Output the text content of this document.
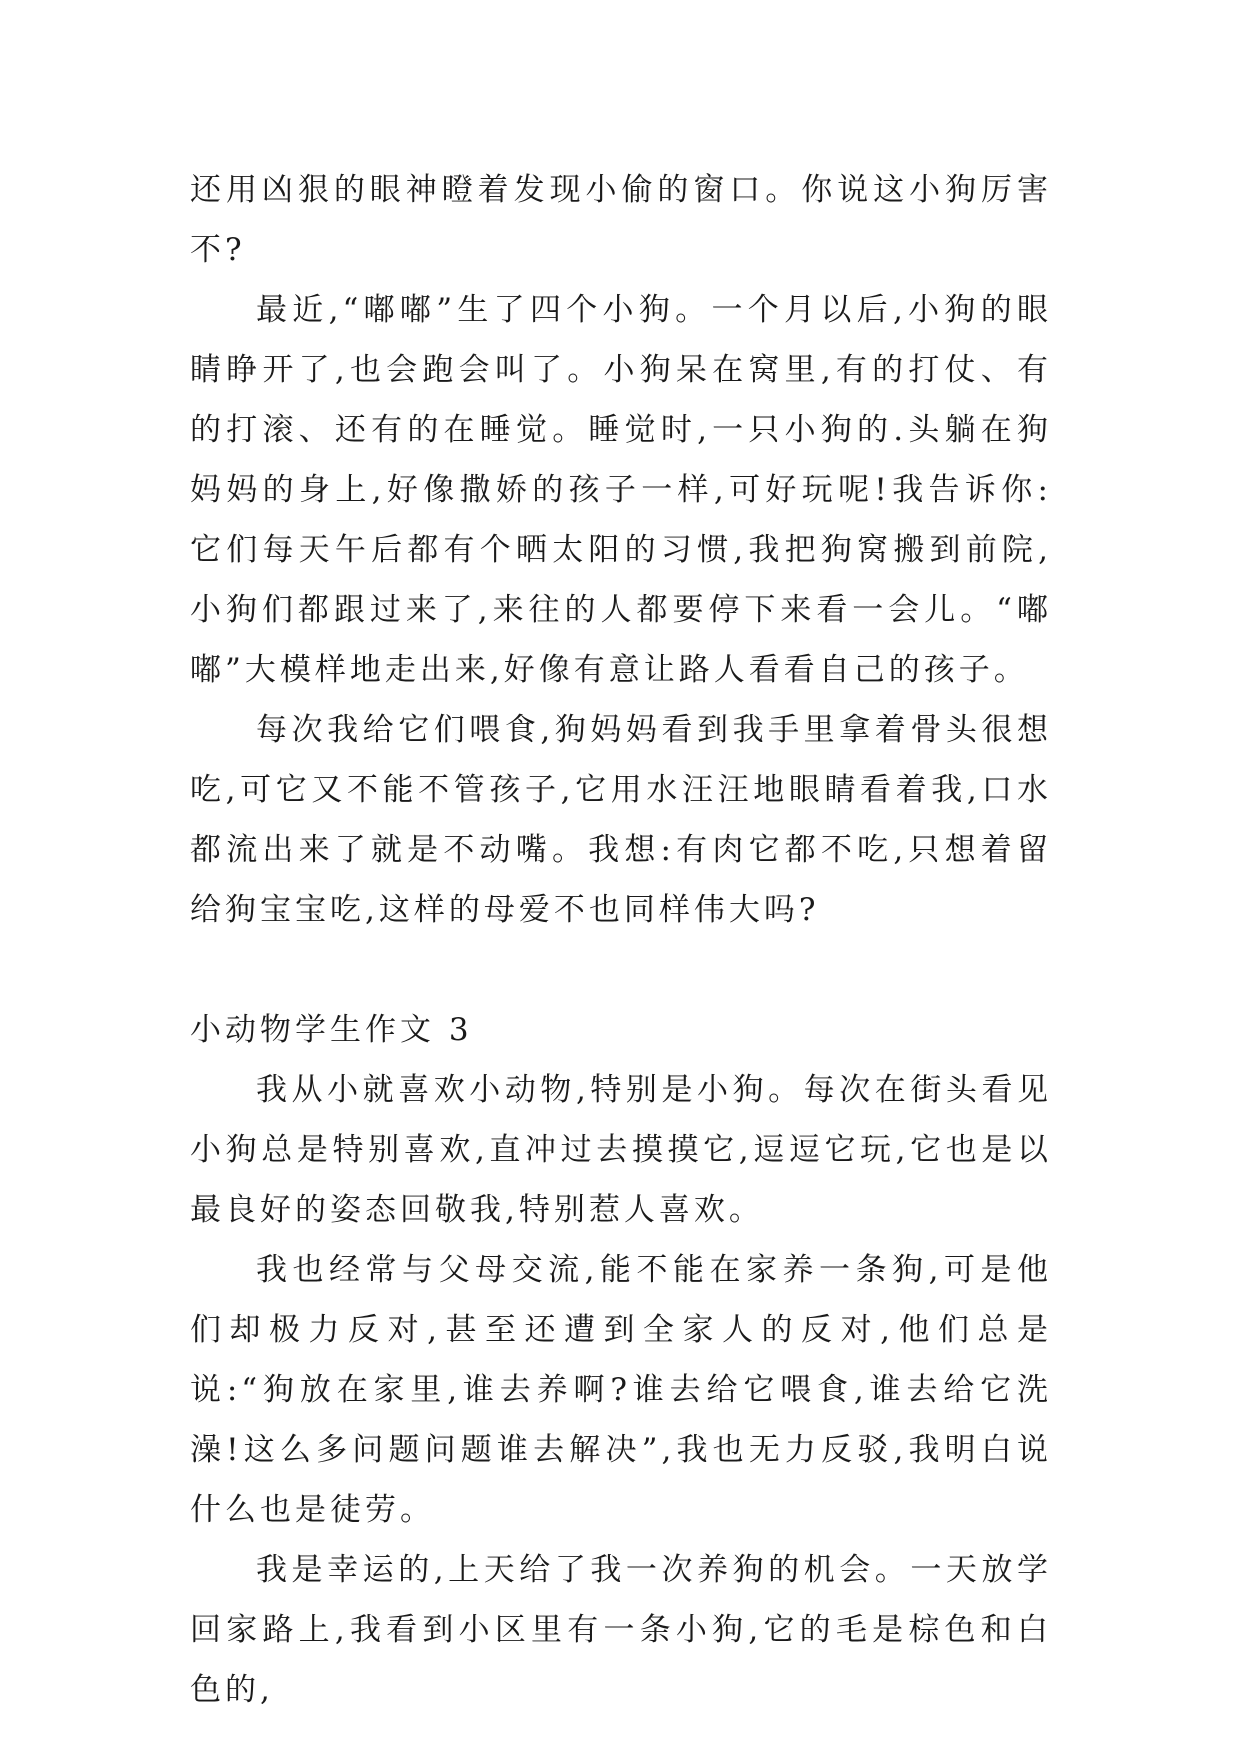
还用凶狠的眼神瞪着发现小偷的窗口。你说这小狗厉害不?

最近,“嘟嘟”生了四个小狗。一个月以后,小狗的眼睛睁开了,也会跑会叫了。小狗呆在窝里,有的打仗、有的打滚、还有的在睡觉。睡觉时,一只小狗的.头躺在狗妈妈的身上,好像撒娇的孩子一样,可好玩呢!我告诉你:它们每天午后都有个晒太阳的习惯,我把狗窝搬到前院,小狗们都跟过来了,来往的人都要停下来看一会儿。“嘟嘟”大模样地走出来,好像有意让路人看看自己的孩子。

每次我给它们喂食,狗妈妈看到我手里拿着骨头很想吃,可它又不能不管孩子,它用水汪汪地眼睛看着我,口水都流出来了就是不动嘴。我想:有肉它都不吃,只想着留给狗宝宝吃,这样的母爱不也同样伟大吗?

小动物学生作文 3

我从小就喜欢小动物,特别是小狗。每次在街头看见小狗总是特别喜欢,直冲过去摸摸它,逗逗它玩,它也是以最良好的姿态回敬我,特别惹人喜欢。

我也经常与父母交流,能不能在家养一条狗,可是他们却极力反对,甚至还遭到全家人的反对,他们总是说:“狗放在家里,谁去养啊?谁去给它喂食,谁去给它洗澡!这么多问题问题谁去解决”,我也无力反驳,我明白说什么也是徒劳。

我是幸运的,上天给了我一次养狗的机会。一天放学回家路上,我看到小区里有一条小狗,它的毛是棕色和白色的,
